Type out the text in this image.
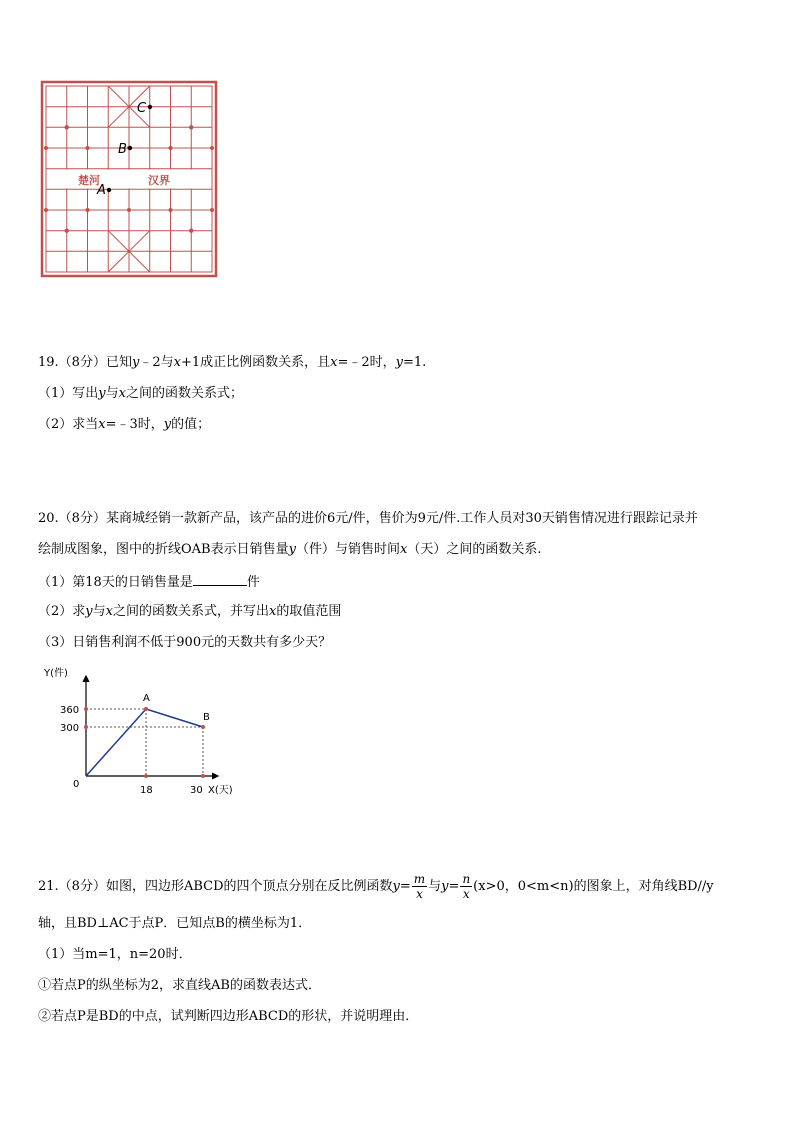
楚河	汉界
C
B
A
19.（8分）已知y﹣2与x+1成正比例函数关系，且x=﹣2时，y=1.
（1）写出y与x之间的函数关系式；
（2）求当x=﹣3时，y的值；
20.（8分）某商城经销一款新产品，该产品的进价6元/件，售价为9元/件.工作人员对30天销售情况进行跟踪记录并
绘制成图象，图中的折线OAB表示日销售量y（件）与销售时间x（天）之间的函数关系.
（1）第18天的日销售量是	件
（2）求y与x之间的函数关系式，并写出x的取值范围
（3）日销售利润不低于900元的天数共有多少天？
Y(件)
X(天)
0
360
300
18	30
A
B
21.（8分）如图，四边形ABCD的四个顶点分别在反比例函数$y= \frac{m}{x}$ 与$y= \frac{n}{x} (x>0$，0<m<n)的图象上，对角线BD//y
轴，且BD⊥AC于点P．已知点B的横坐标为1．
（1）当m=1，n=20时．
①若点P的纵坐标为2，求直线AB的函数表达式．
②若点P是BD的中点，试判断四边形ABCD的形状，并说明理由．
